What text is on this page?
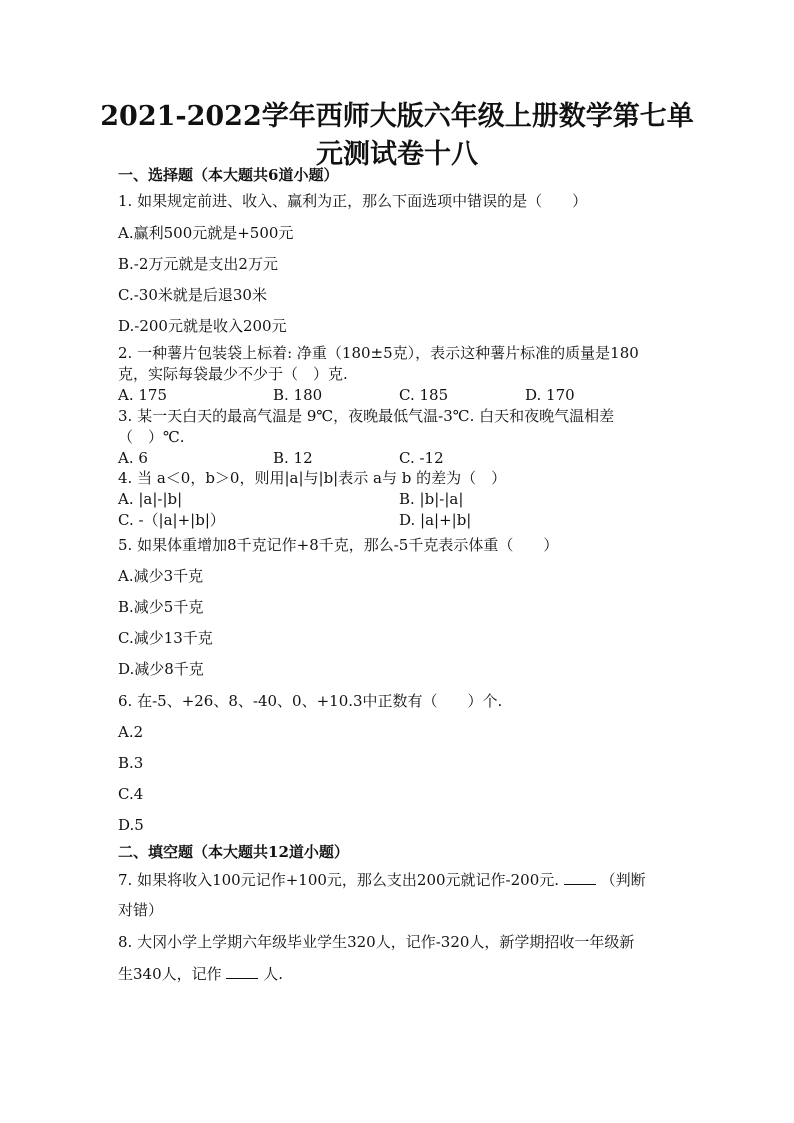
2021-2022学年西师大版六年级上册数学第七单
元测试卷十八
一、选择题（本大题共6道小题）
1. 如果规定前进、收入、赢利为正，那么下面选项中错误的是（　　）
A.赢利500元就是+500元
B.-2万元就是支出2万元
C.-30米就是后退30米
D.-200元就是收入200元
2. 一种薯片包装袋上标着: 净重（180±5克），表示这种薯片标准的质量是180
克，实际每袋最少不少于（　）克.
A. 175	B. 180	C. 185	D. 170
3. 某一天白天的最高气温是 9℃，夜晚最低气温-3℃. 白天和夜晚气温相差
（　）℃.
A. 6	B. 12	C. -12
4. 当 a＜0，b＞0，则用|a|与|b|表示 a与 b 的差为（　）
A. |a|-|b|	B. |b|-|a|
C. -（|a|+|b|）	D. |a|+|b|
5. 如果体重增加8千克记作+8千克，那么-5千克表示体重（　　）
A.减少3千克
B.减少5千克
C.减少13千克
D.减少8千克
6. 在-5、+26、8、-40、0、+10.3中正数有（　　）个.
A.2
B.3
C.4
D.5
二、填空题（本大题共12道小题）
7. 如果将收入100元记作+100元，那么支出200元就记作-200元.	（判断
对错）
8. 大冈小学上学期六年级毕业学生320人，记作-320人，新学期招收一年级新
生340人，记作	人.
